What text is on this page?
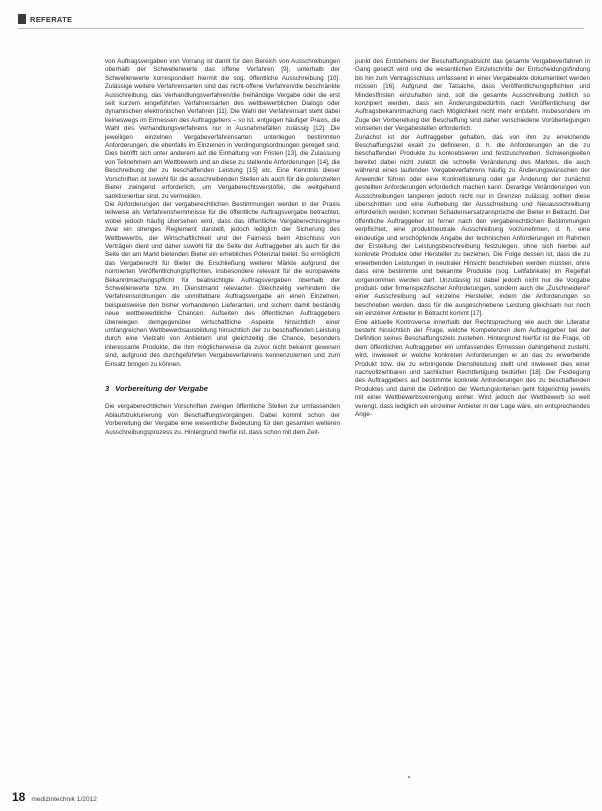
REFERATE

von Auftragsvergaben von Vorrang ist damit für den Bereich von Ausschreibungen oberhalb der Schwellenwerte das offene Verfahren [9], unterhalb der Schwellenwerte korrespondiert hiermit die sog. öffentliche Ausschreibung [10]. Zulässige weitere Verfahrensarten sind das nicht-offene Verfahren/die beschränkte Ausschreibung, das Verhandlungsverfahren/die freihändige Vergabe oder die erst seit kurzem eingeführten Verfahrensarten des wettbewerblichen Dialogs oder dynamischen elektronischen Verfahren [11]. Die Wahl der Verfahrensart steht dabei keineswegs im Ermessen des Auftraggebers – so ist, entgegen häufiger Praxis, die Wahl des Verhandlungsverfahrens nur in Ausnahmefällen zulässig [12]. Die jeweiligen einzelnen Vergabeverfahrensarten unterliegen bestimmten Anforderungen, die ebenfalls im Einzelnen in Verdingungsordnungen geregelt sind. Dies betrifft sich unter anderem auf die Einhaltung von Fristen [13], die Zulassung von Teilnehmern am Wettbewerb und an diese zu stellende Anforderungen [14], die Beschreibung der zu beschaffenden Leistung [15] etc. Eine Kenntnis dieser Vorschriften ist sowohl für die ausschreibenden Stellen als auch für die potenziellen Bieter zwingend erforderlich, um Vergaberechtsverstöße, die weitgehend sanktionierbar sind, zu vermeiden.

Die Anforderungen der vergaberechtlichen Bestimmungen werden in der Praxis teilweise als Verfahrenshemmnisse für die öffentliche Auftragsvergabe betrachtet, wobei jedoch häufig übersehen wird, dass das öffentliche Vergaberechtsregime zwar ein strenges Reglement darstellt, jedoch lediglich der Sicherung des Wettbewerbs, der Wirtschaftlichkeit und der Fairness beim Abschluss von Verträgen dient und daher sowohl für die Seite der Auftraggeber als auch für die Seite der am Markt bietenden Bieter ein erhebliches Potenzial bietet. So ermöglicht das Vergaberecht für Bieter die Erschließung weiterer Märkte aufgrund der normierten Veröffentlichungspflichten, insbesondere relevant für die europaweite Bekanntmachungspflicht für beabsichtigte Auftragsvergaben oberhalb der Schwellenwerte bzw. im Dienstmarkt relevanter. Gleichzeitig verhindern die Verfahrensordnungen die unmittelbare Auftragsvergabe an einen Einzelnen, beispielsweise den bisher vorhandenen Lieferanten, und sichern damit beständig neue wettbewerbliche Chancen. Aufseiten des öffentlichen Auftraggebers überwiegen demgegenüber wirtschaftliche Aspekte hinsichtlich einer umfangreichen Wettbewerbsausbildung hinsichtlich der zu beschaffenden Leistung durch eine Vielzahl von Anbietern und gleichzeitig die Chance, besonders interessante Produkte, die ihm möglicherweise da zuvor nicht bekannt gewesen sind, aufgrund des durchgeführten Vergabeverfahrens kennenzulernen und zum Einsatz bringen zu können.

3 Vorbereitung der Vergabe

Die vergaberechtlichen Vorschriften zwingen öffentliche Stellen zur umfassenden Ablaufstrukturierung von Beschaffungsvorgängen. Dabei kommt schon der Vorbereitung der Vergabe eine wesentliche Bedeutung für den gesamten weiteren Ausschreibungsprozess zu. Hintergrund hierfür ist, dass schon mit dem Zeit-

punkt des Entstehens der Beschaffungsabsicht das gesamte Vergabeverfahren in Gang gesetzt wird und die wesentlichen Einzelschritte der Entscheidungsfindung bis hin zum Vertragsschluss umfassend in einer Vergabeakte dokumentiert werden müssen [16]. Aufgrund der Tatsache, dass Veröffentlichungspflichten und Mindestfristen einzuhalten sind, soll die gesamte Ausschreibung zeitlich so konzipiert werden, dass ein Änderungsbedürfnis nach Veröffentlichung der Auftragsbekanntmachung nach Möglichkeit nicht mehr entsteht. Insbesondere im Zuge der Vorbereitung der Beschaffung sind daher verschiedene Vorüberlegungen vonseiten der Vergabestellen erforderlich.

Zunächst ist der Auftraggeber gehalten, das von ihm zu erreichende Beschaffungsziel exakt zu definieren, d. h. die Anforderungen an die zu beschaffenden Produkte zu konkretisieren und festzuschreiben. Schwierigkeiten bereitet dabei nicht zuletzt die schnelle Veränderung des Marktes, die auch während eines laufenden Vergabeverfahrens häufig zu Änderungswünschen der Anwender führen oder eine Konkretisierung oder gar Änderung der zunächst gestellten Anforderungen erforderlich machen kann. Derartige Veränderungen von Ausschreibungen tangieren jedoch nicht nur in Grenzen zulässig; sollten diese überschritten und eine Aufhebung der Ausschreibung und Neuausschreibung erforderlich werden, kommen Schadensersatzansprüche der Bieter in Betracht. Der öffentliche Auftraggeber ist ferner nach den vergaberechtlichen Bestimmungen verpflichtet, eine produktneutrale Ausschreibung vorzunehmen, d. h. eine eindeutige und erschöpfende Angabe der technischen Anforderungen im Rahmen der Erstellung der Leistungsbeschreibung festzulegen, ohne sich hierbei auf konkrete Produkte oder Hersteller zu beziehen. Die Folge dessen ist, dass die zu erwerbenden Leistungen in neutraler Hinsicht beschrieben werden müssen, ohne dass eine bestimmte und bekannte Produkte (sog. Leitfabrikate) im Regelfall vorgenommen werden darf. Unzulässig ist dabei jedoch nicht nur die Vorgabe produkt- oder firmenspezifischer Anforderungen, sondern auch die „Zuschneiderei“ einer Ausschreibung auf einzelne Hersteller, indem die Anforderungen so beschrieben werden, dass für die ausgeschriebene Leistung gleichsam nur noch ein einzelner Anbieter in Betracht kommt [17].

Eine aktuelle Kontroverse innerhalb der Rechtsprechung wie auch der Literatur besteht hinsichtlich der Frage, welche Kompetenzen dem Auftraggeber bei der Definition seines Beschaffungsziels zustehen. Hintergrund hierfür ist die Frage, ob dem öffentlichen Auftraggeber ein umfassendes Ermessen dahingehend zusteht, wird, inwieweit er welche konkreten Anforderungen er an das zu erwerbende Produkt bzw. die zu erbringende Dienstleistung stellt und inwieweit dies einer nachvollziehbaren und sachlichen Rechtfertigung bedürfen [18]. Die Festlegung des Auftraggebers auf bestimmte konkrete Anforderungen des zu beschaffenden Produktes und damit die Definition der Wertungskriterien geht folgerichtig jeweils mit einer Wettbewerbsverengung einher. Wird jedoch der Wettbewerb so weit verengt, dass lediglich ein einzelner Anbieter in der Lage wäre, ein entsprechendes Ange-

18 medizintechnik 1/2012
